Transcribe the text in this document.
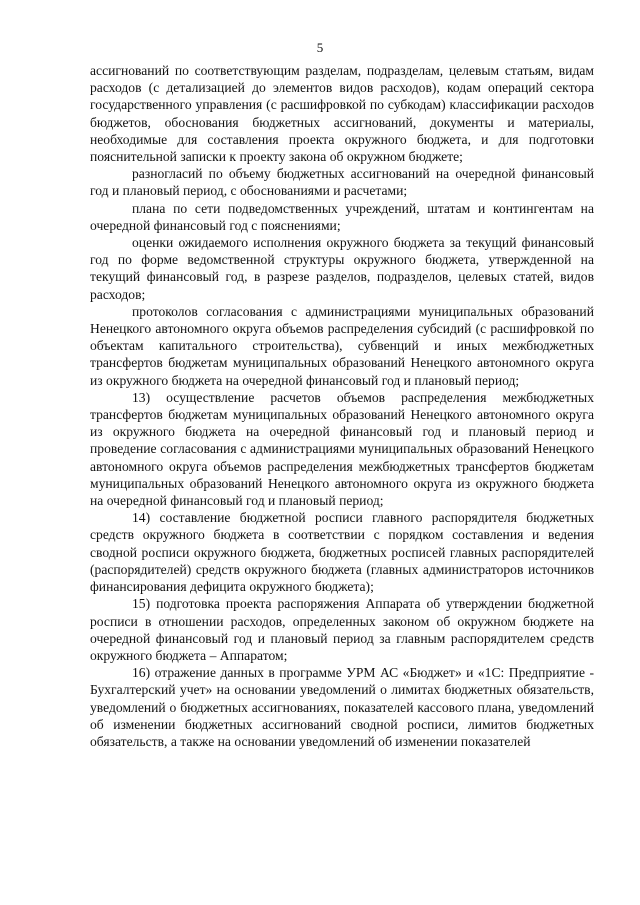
5

ассигнований по соответствующим разделам, подразделам, целевым статьям, видам расходов (с детализацией до элементов видов расходов), кодам операций сектора государственного управления (с расшифровкой по субкодам) классификации расходов бюджетов, обоснования бюджетных ассигнований, документы и материалы, необходимые для составления проекта окружного бюджета, и для подготовки пояснительной записки к проекту закона об окружном бюджете;

разногласий по объему бюджетных ассигнований на очередной финансовый год и плановый период, с обоснованиями и расчетами;

плана по сети подведомственных учреждений, штатам и контингентам на очередной финансовый год с пояснениями;

оценки ожидаемого исполнения окружного бюджета за текущий финансовый год по форме ведомственной структуры окружного бюджета, утвержденной на текущий финансовый год, в разрезе разделов, подразделов, целевых статей, видов расходов;

протоколов согласования с администрациями муниципальных образований Ненецкого автономного округа объемов распределения субсидий (с расшифровкой по объектам капитального строительства), субвенций и иных межбюджетных трансфертов бюджетам муниципальных образований Ненецкого автономного округа из окружного бюджета на очередной финансовый год и плановый период;

13) осуществление расчетов объемов распределения межбюджетных трансфертов бюджетам муниципальных образований Ненецкого автономного округа из окружного бюджета на очередной финансовый год и плановый период и проведение согласования с администрациями муниципальных образований Ненецкого автономного округа объемов распределения межбюджетных трансфертов бюджетам муниципальных образований Ненецкого автономного округа из окружного бюджета на очередной финансовый год и плановый период;

14) составление бюджетной росписи главного распорядителя бюджетных средств окружного бюджета в соответствии с порядком составления и ведения сводной росписи окружного бюджета, бюджетных росписей главных распорядителей (распорядителей) средств окружного бюджета (главных администраторов источников финансирования дефицита окружного бюджета);

15) подготовка проекта распоряжения Аппарата об утверждении бюджетной росписи в отношении расходов, определенных законом об окружном бюджете на очередной финансовый год и плановый период за главным распорядителем средств окружного бюджета – Аппаратом;

16) отражение данных в программе УРМ АС «Бюджет» и «1С: Предприятие - Бухгалтерский учет» на основании уведомлений о лимитах бюджетных обязательств, уведомлений о бюджетных ассигнованиях, показателей кассового плана, уведомлений об изменении бюджетных ассигнований сводной росписи, лимитов бюджетных обязательств, а также на основании уведомлений об изменении показателей
